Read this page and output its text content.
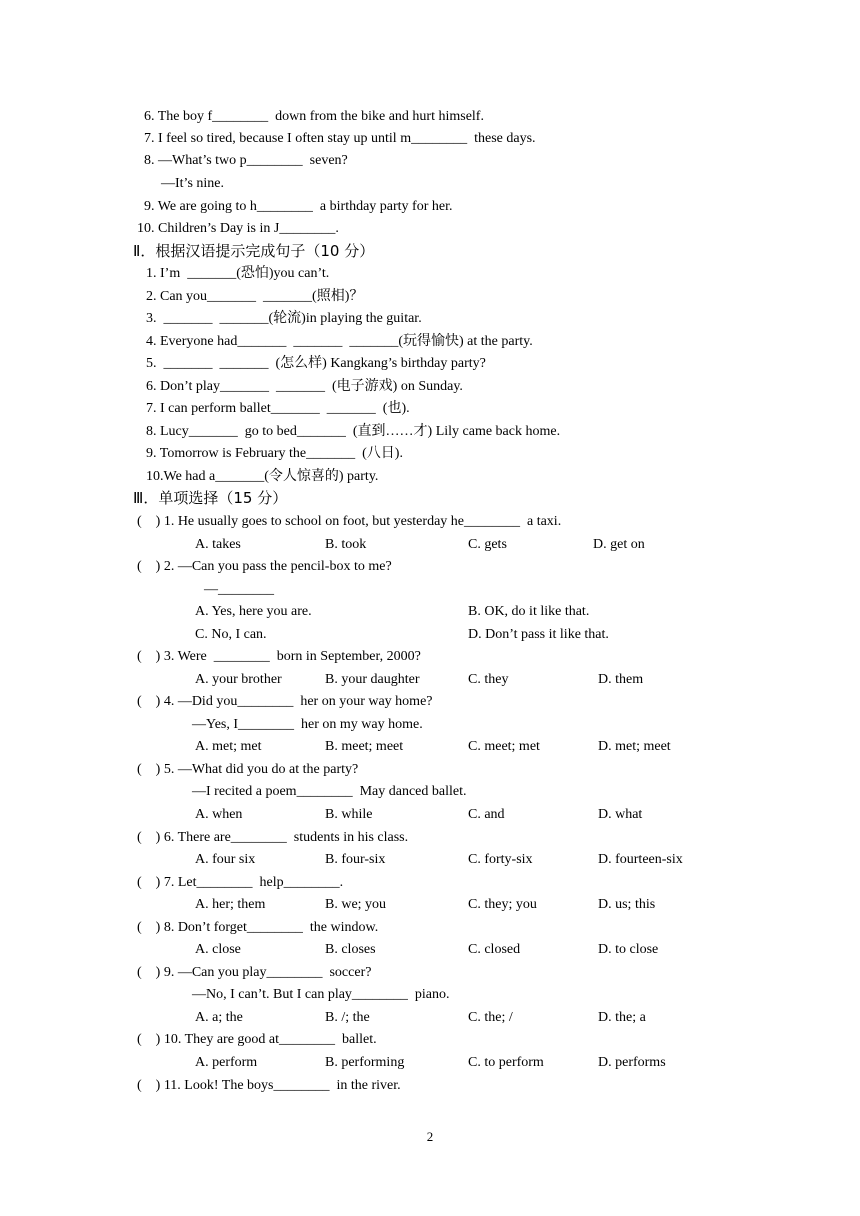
6. The boy f________  down from the bike and hurt himself.
7. I feel so tired, because I often stay up until m________  these days.
8. —What’s two p________  seven?
—It’s nine.
9. We are going to h________  a birthday party for her.
10. Children’s Day is in J________.
Ⅱ．根据汉语提示完成句子（10 分）
1. I’m  _______(恐怕)you can’t.
2. Can you_______  _______(照相)？
3.  _______  _______(轮流)in playing the guitar.
4. Everyone had_______  _______  _______(玩得愉快) at the party.
5.  _______  _______  (怎么样) Kangkang’s birthday party?
6. Don’t play_______  _______  (电子游戏) on Sunday.
7. I can perform ballet_______  _______  (也).
8. Lucy_______  go to bed_______  (直到……才) Lily came back home.
9. Tomorrow is February the_______  (八日).
10.We had a_______(令人惊喜的) party.
Ⅲ．单项选择（15 分）
(    ) 1. He usually goes to school on foot, but yesterday he________  a taxi.
A. takes	B. took	C. gets	D. get on
(    ) 2. —Can you pass the pencil-box to me?
—________
A. Yes, here you are.	B. OK, do it like that.
C. No, I can.	D. Don’t pass it like that.
(    ) 3. Were  ________  born in September, 2000?
A. your brother	B. your daughter	C. they	D. them
(    ) 4. —Did you________  her on your way home?
—Yes, I________  her on my way home.
A. met; met	B. meet; meet	C. meet; met	D. met; meet
(    ) 5. —What did you do at the party?
—I recited a poem________  May danced ballet.
A. when	B. while	C. and	D. what
(    ) 6. There are________  students in his class.
A. four six	B. four-six	C. forty-six	D. fourteen-six
(    ) 7. Let________  help________.
A. her; them	B. we; you	C. they; you	D. us; this
(    ) 8. Don’t forget________  the window.
A. close	B. closes	C. closed	D. to close
(    ) 9. —Can you play________  soccer?
—No, I can’t. But I can play________  piano.
A. a; the	B. /; the	C. the; /	D. the; a
(    ) 10. They are good at________  ballet.
A. perform	B. performing	C. to perform	D. performs
(    ) 11. Look! The boys________  in the river.
2
